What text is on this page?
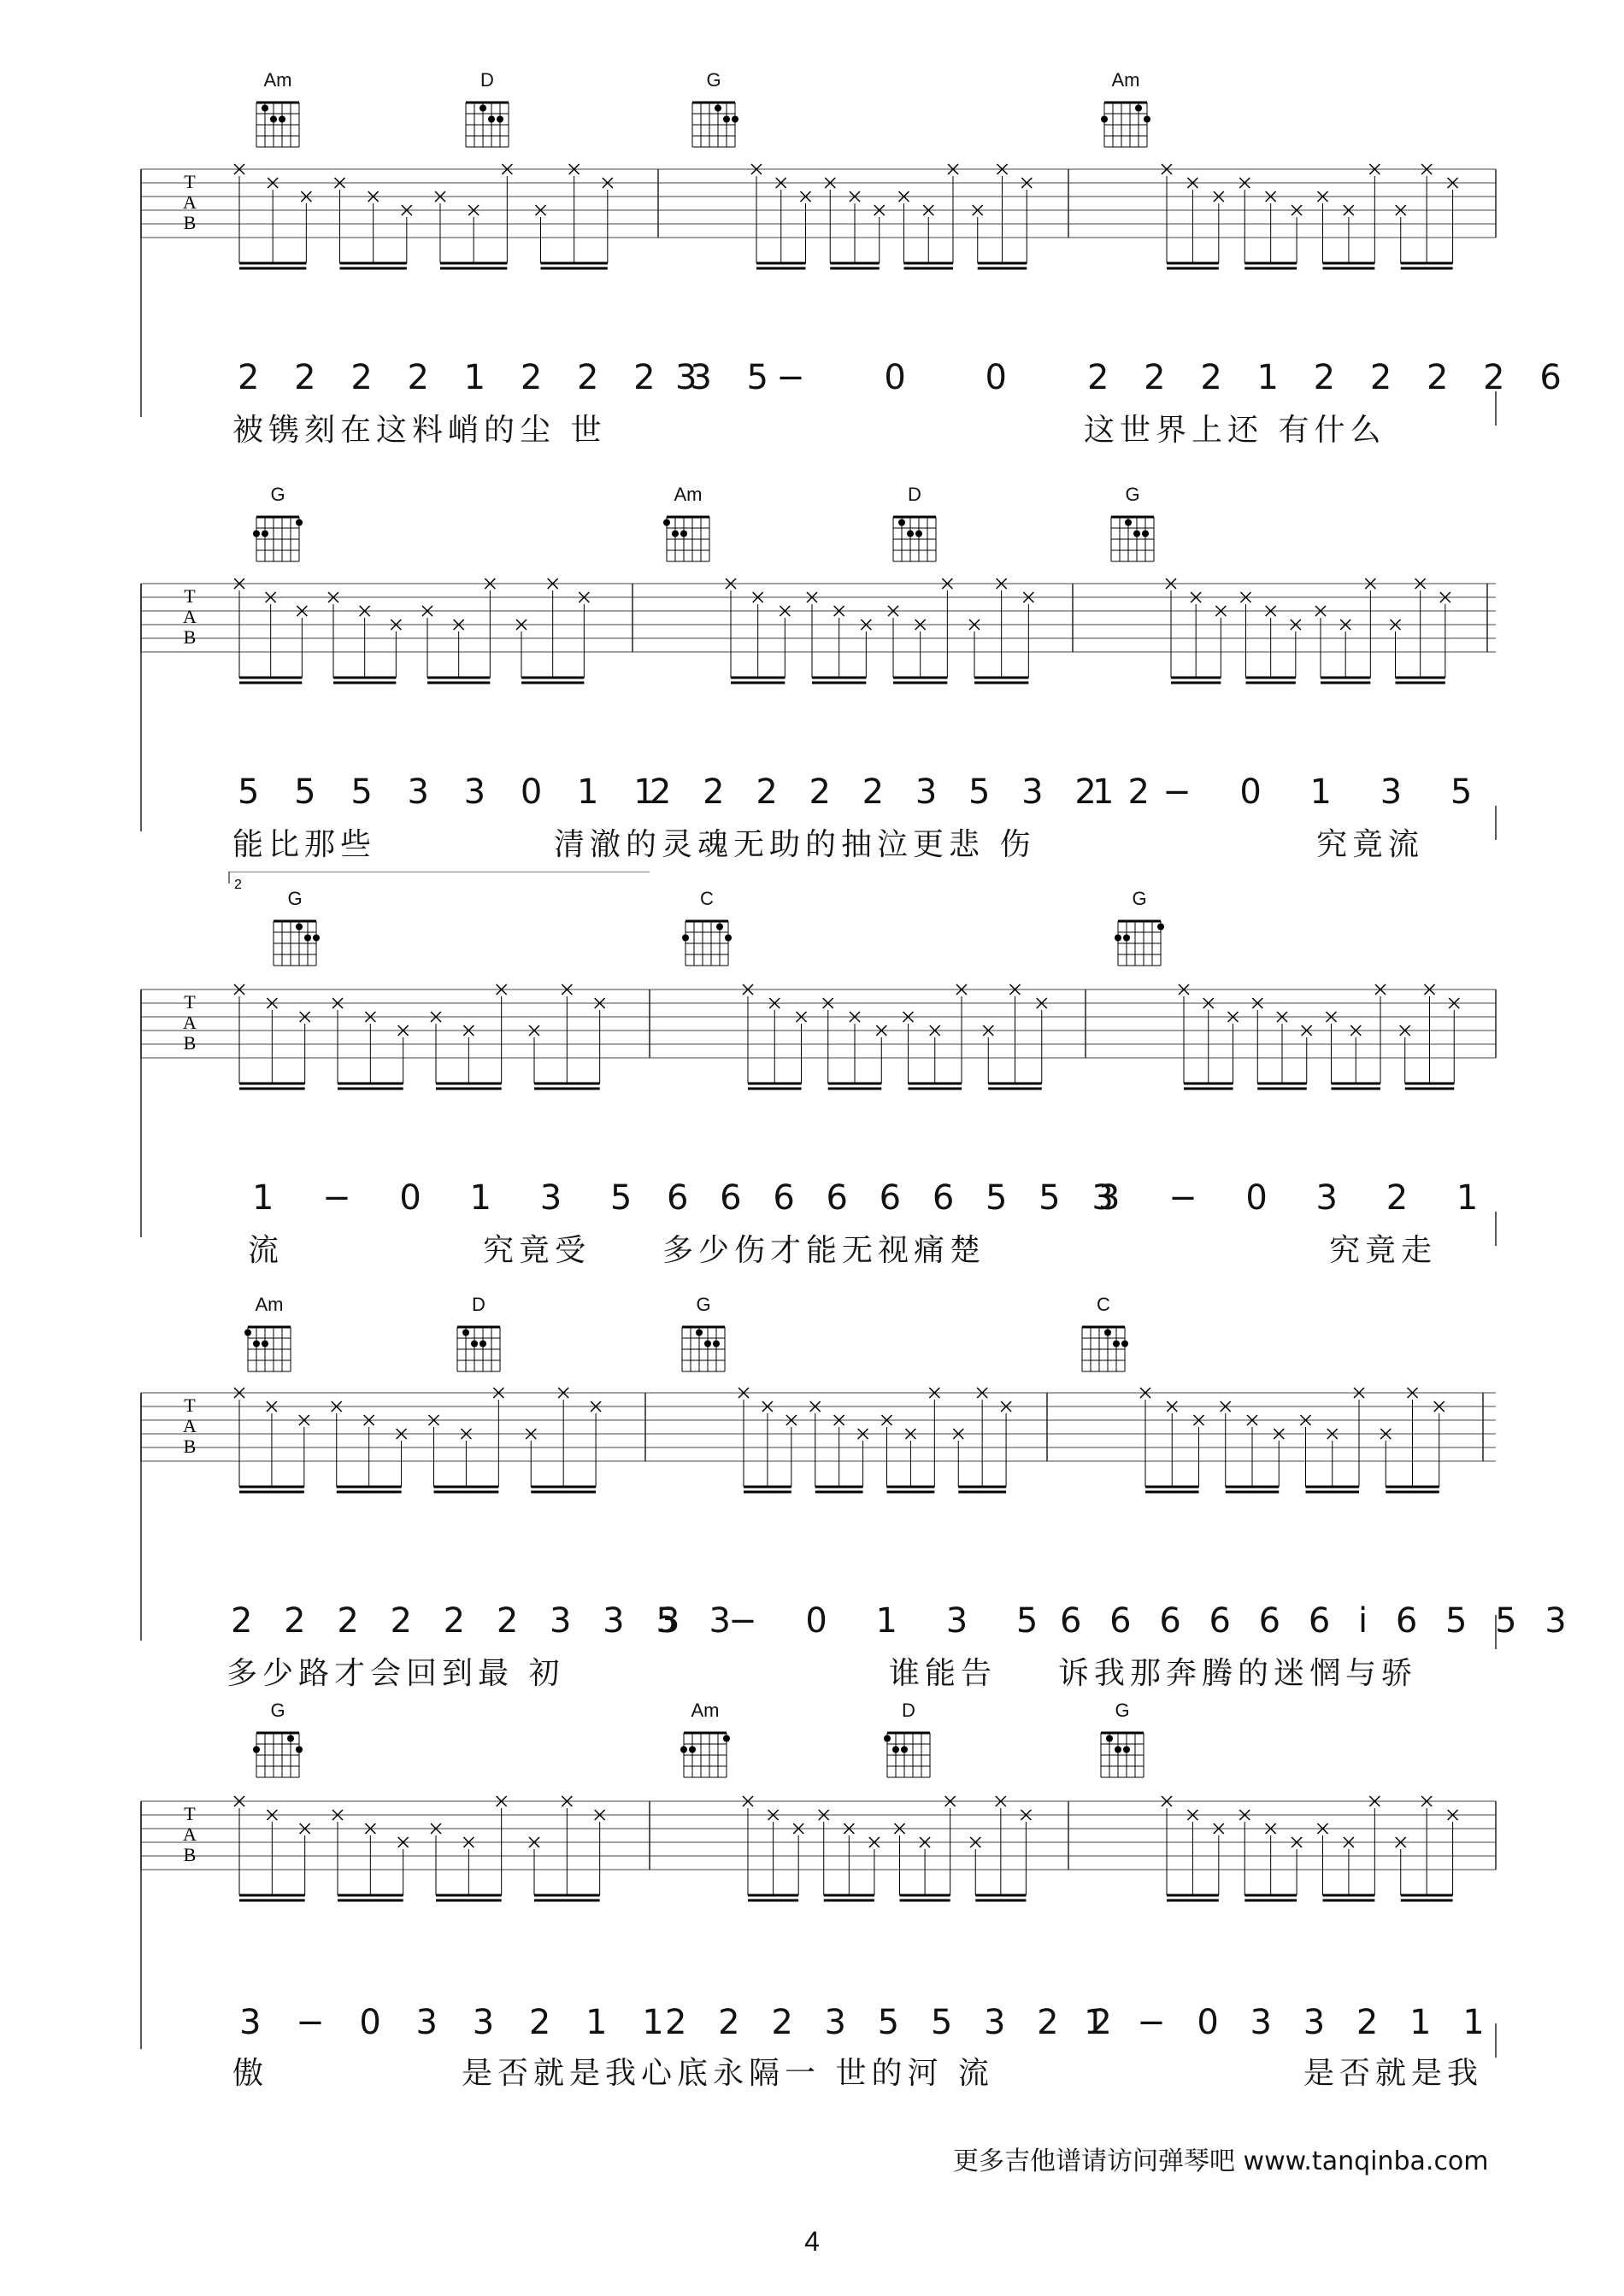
T
A
B
Am	D	G	Am
2 2 2 2 1 2 2 2 3 5
3 − 0 0 2 2 2 1 2 2 2 2 6
被镌刻在这料峭的尘 世	这世界上还 有什么
T
A
B
G	Am	D	G
5 5 5 3 3 0 1 1
2 2 2 2 2 3 5 3 2 2
1 − 0 1 3 5
能比那些	清澈的灵魂无助的抽泣更悲 伤	究竟流
T
A
B
2
G	C	G
1 − 0 1 3 5 6 6 6 6 6 6 5 5 3
3 − 0 3 2 1
流	究竟受 多少伤才能无视痛楚	究竟走
T
A
B
Am	D	G	C
2 2 2 2 2 2 3 3 5 3
3 − 0 1 3 5 6 6 6 6 6 6 i 6 5 5 3
多少路才会回到最 初	谁能告 诉我那奔腾的迷惘与骄
T
A
B
G	Am	D	G
3 − 0 3 3 2 1 1
2 2 2 3 5 5 3 2 2
1 − 0 3 3 2 1 1
傲	是否就是我心底永隔一 世的河 流	是否就是我
更多吉他谱请访问弹琴吧 www.tanqinba.com
4
